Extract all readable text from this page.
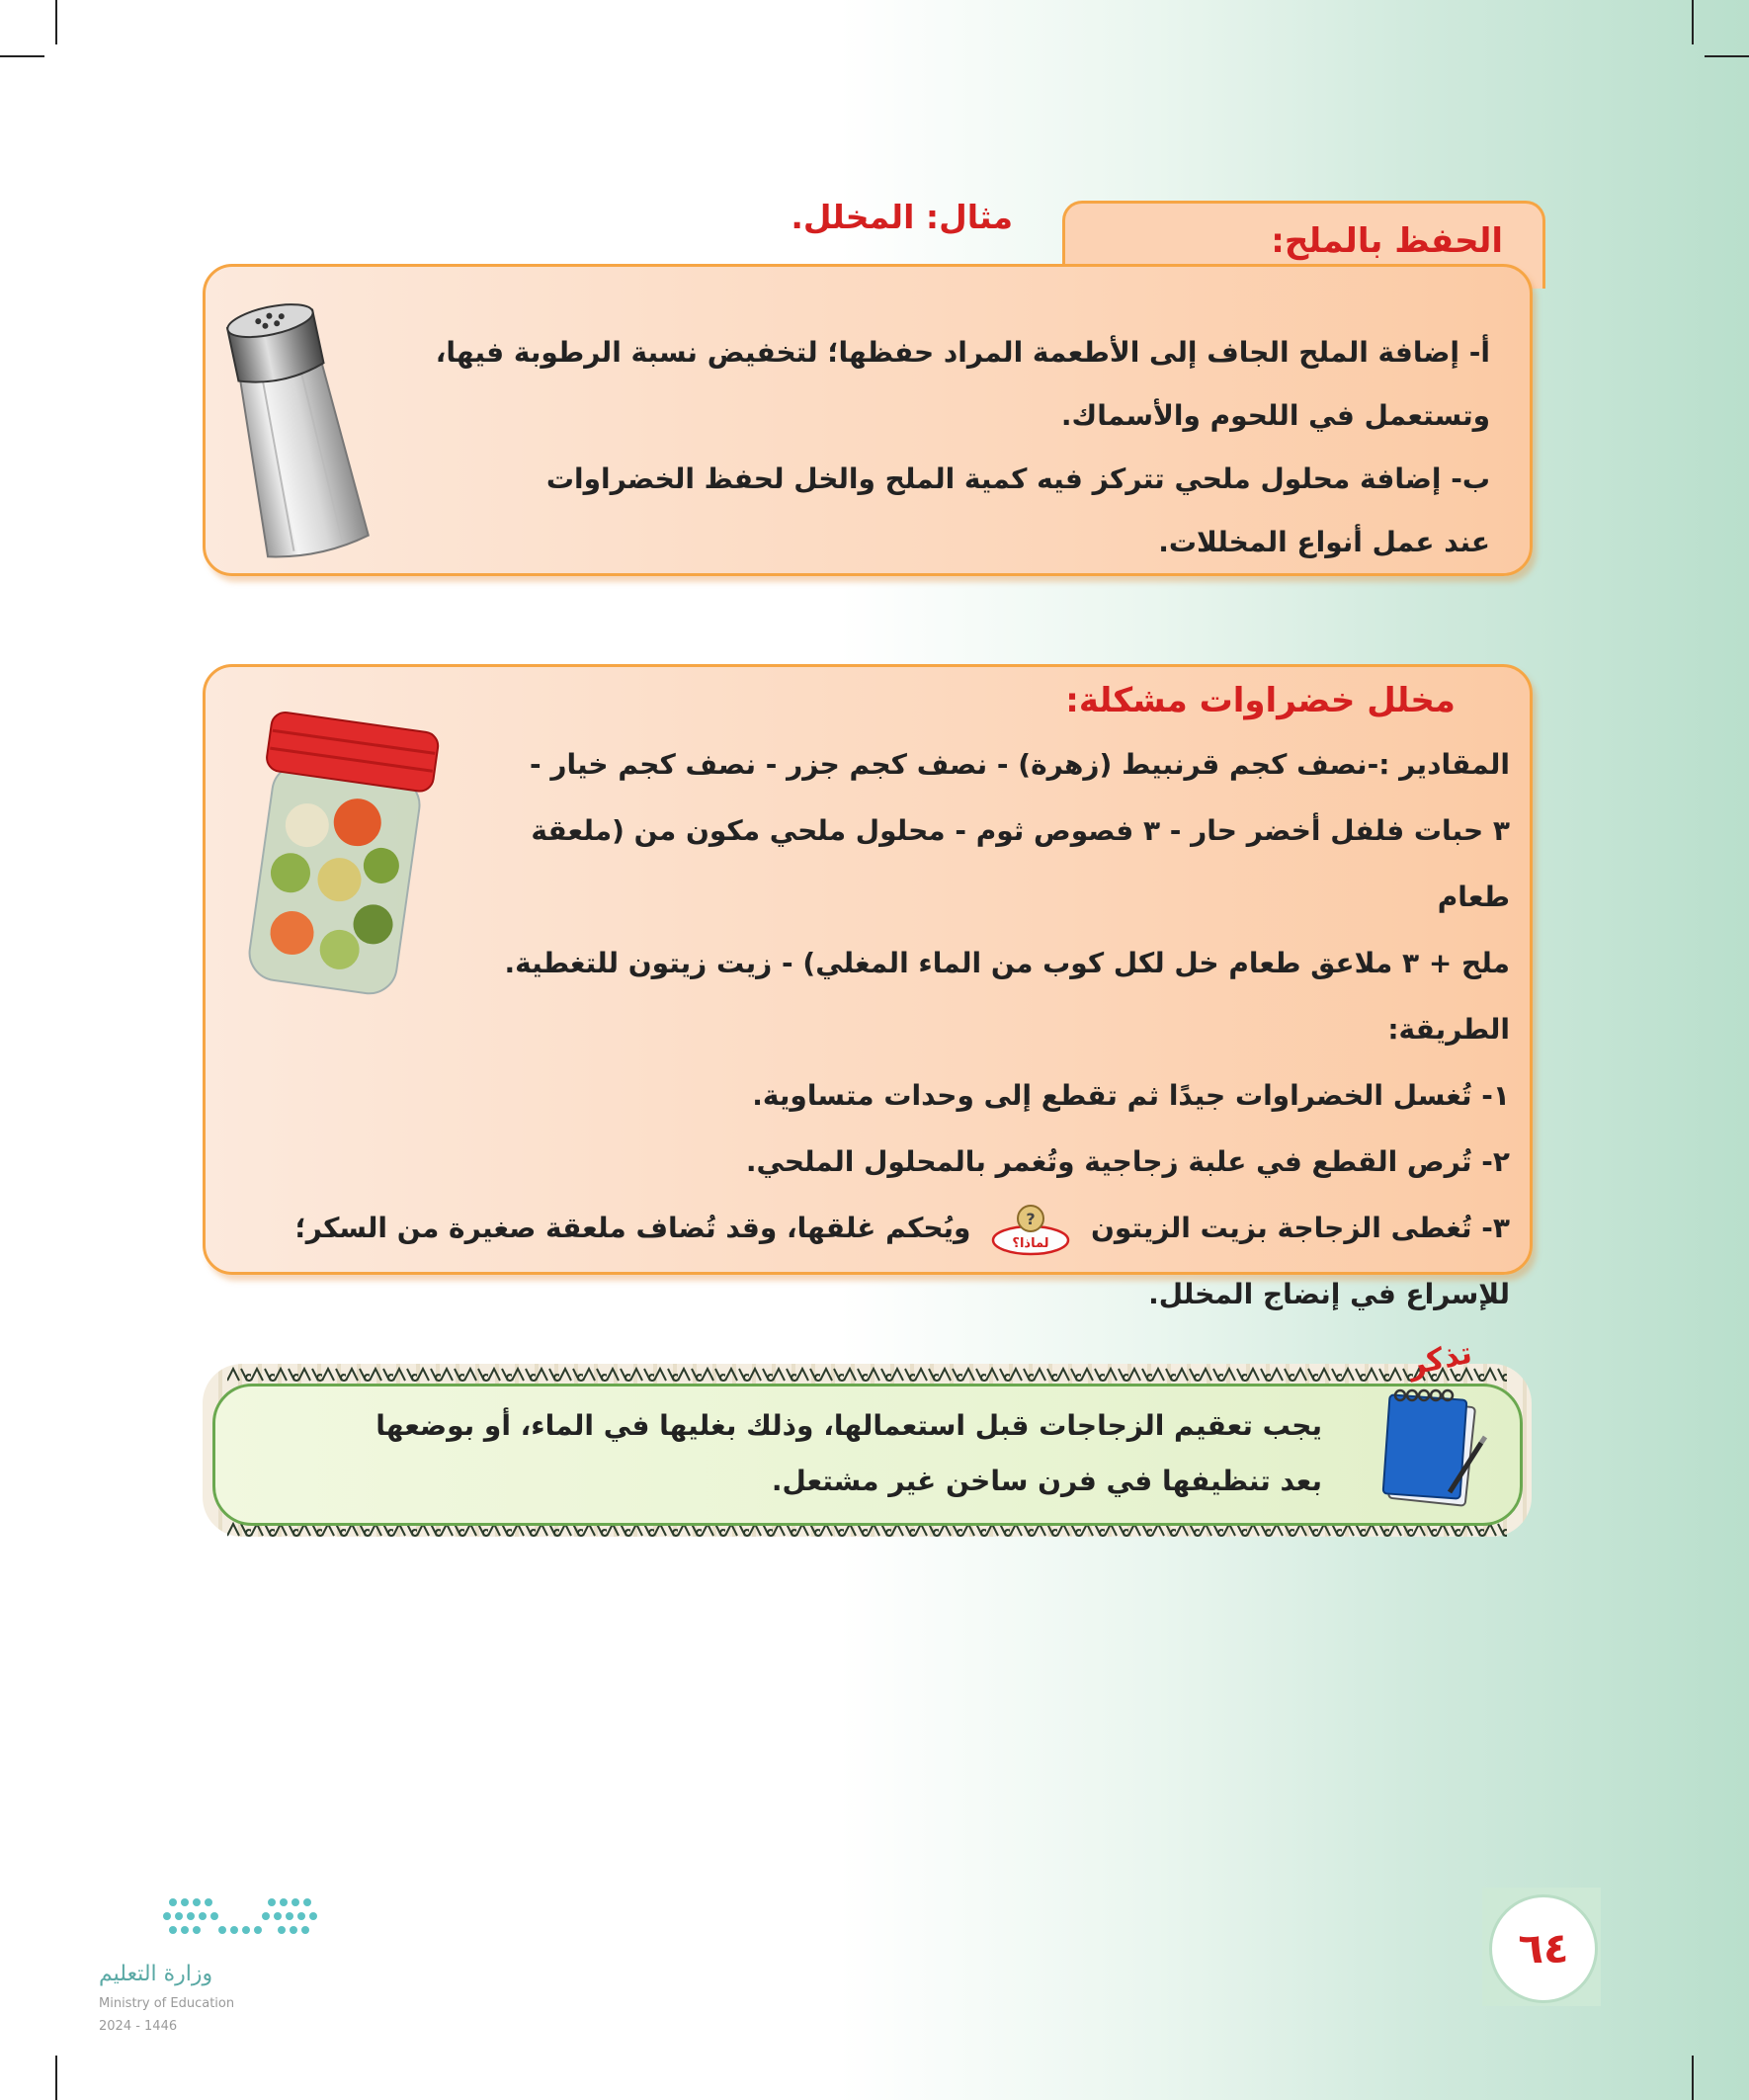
الحفظ بالملح:
مثال: المخلل.

أ- إضافة الملح الجاف إلى الأطعمة المراد حفظها؛ لتخفيض نسبة الرطوبة فيها،

وتستعمل في اللحوم والأسماك.

ب- إضافة محلول ملحي تتركز فيه كمية الملح والخل لحفظ الخضراوات

عند عمل أنواع المخللات.

مخلل خضراوات مشكلة:

المقادير :-نصف كجم قرنبيط (زهرة) - نصف كجم جزر - نصف كجم خيار -

٣ حبات فلفل أخضر حار - ٣ فصوص ثوم - محلول ملحي مكون من (ملعقة طعام

ملح + ٣ ملاعق طعام خل لكل كوب من الماء المغلي) - زيت زيتون للتغطية.

الطريقة:

١- تُغسل الخضراوات جيدًا ثم تقطع إلى وحدات متساوية.

٢- تُرص القطع في علبة زجاجية وتُغمر بالمحلول الملحي.

٣- تُغطى الزجاجة بزيت الزيتون
?
لماذا؟
ويُحكم غلقها، وقد تُضاف ملعقة صغيرة من السكر؛

للإسراع في إنضاج المخلل.

يجب تعقيم الزجاجات قبل استعمالها، وذلك بغليها في الماء، أو بوضعها

بعد تنظيفها في فرن ساخن غير مشتعل.

تذكر
٦٤
وزارة التعليم
Ministry of Education
2024 - 1446
